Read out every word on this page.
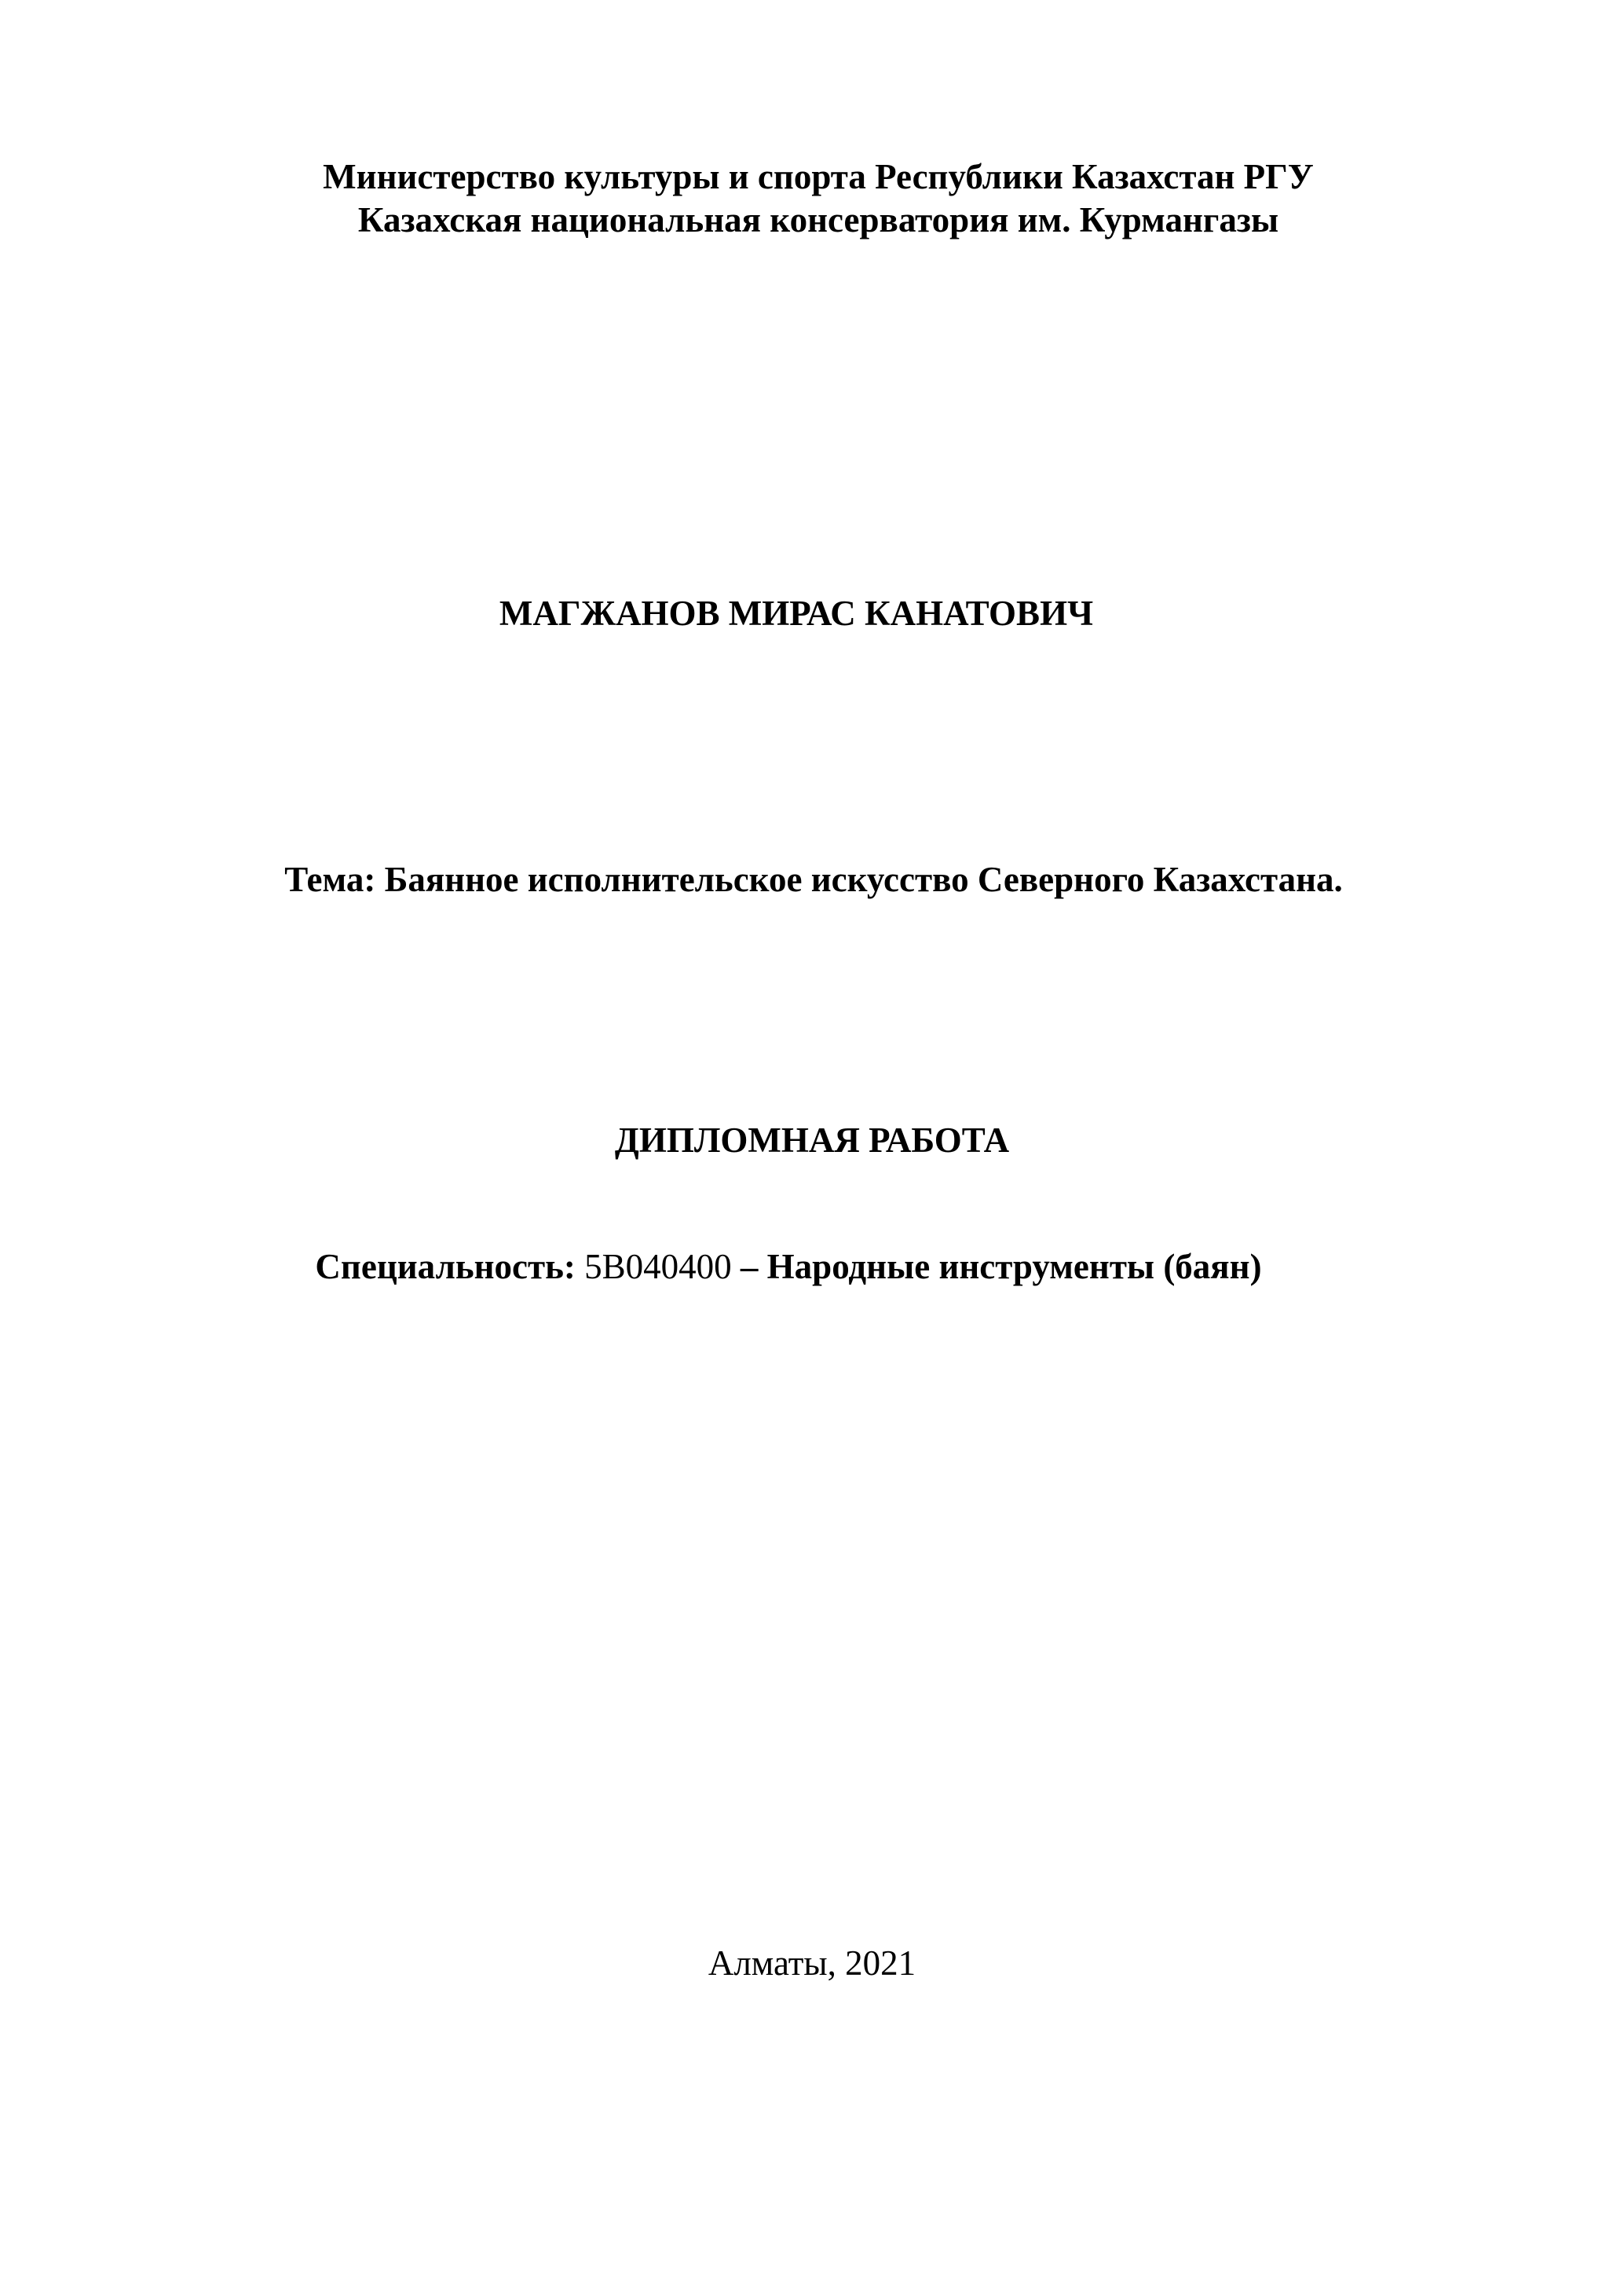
Министерство культуры и спорта Республики Казахстан РГУ
Казахская национальная консерватория им. Курмангазы
МАГЖАНОВ МИРАС КАНАТОВИЧ
Тема: Баянное исполнительское искусство Северного Казахстана.
ДИПЛОМНАЯ РАБОТА
Специальность: 5В040400 – Народные инструменты (баян)
Алматы, 2021
